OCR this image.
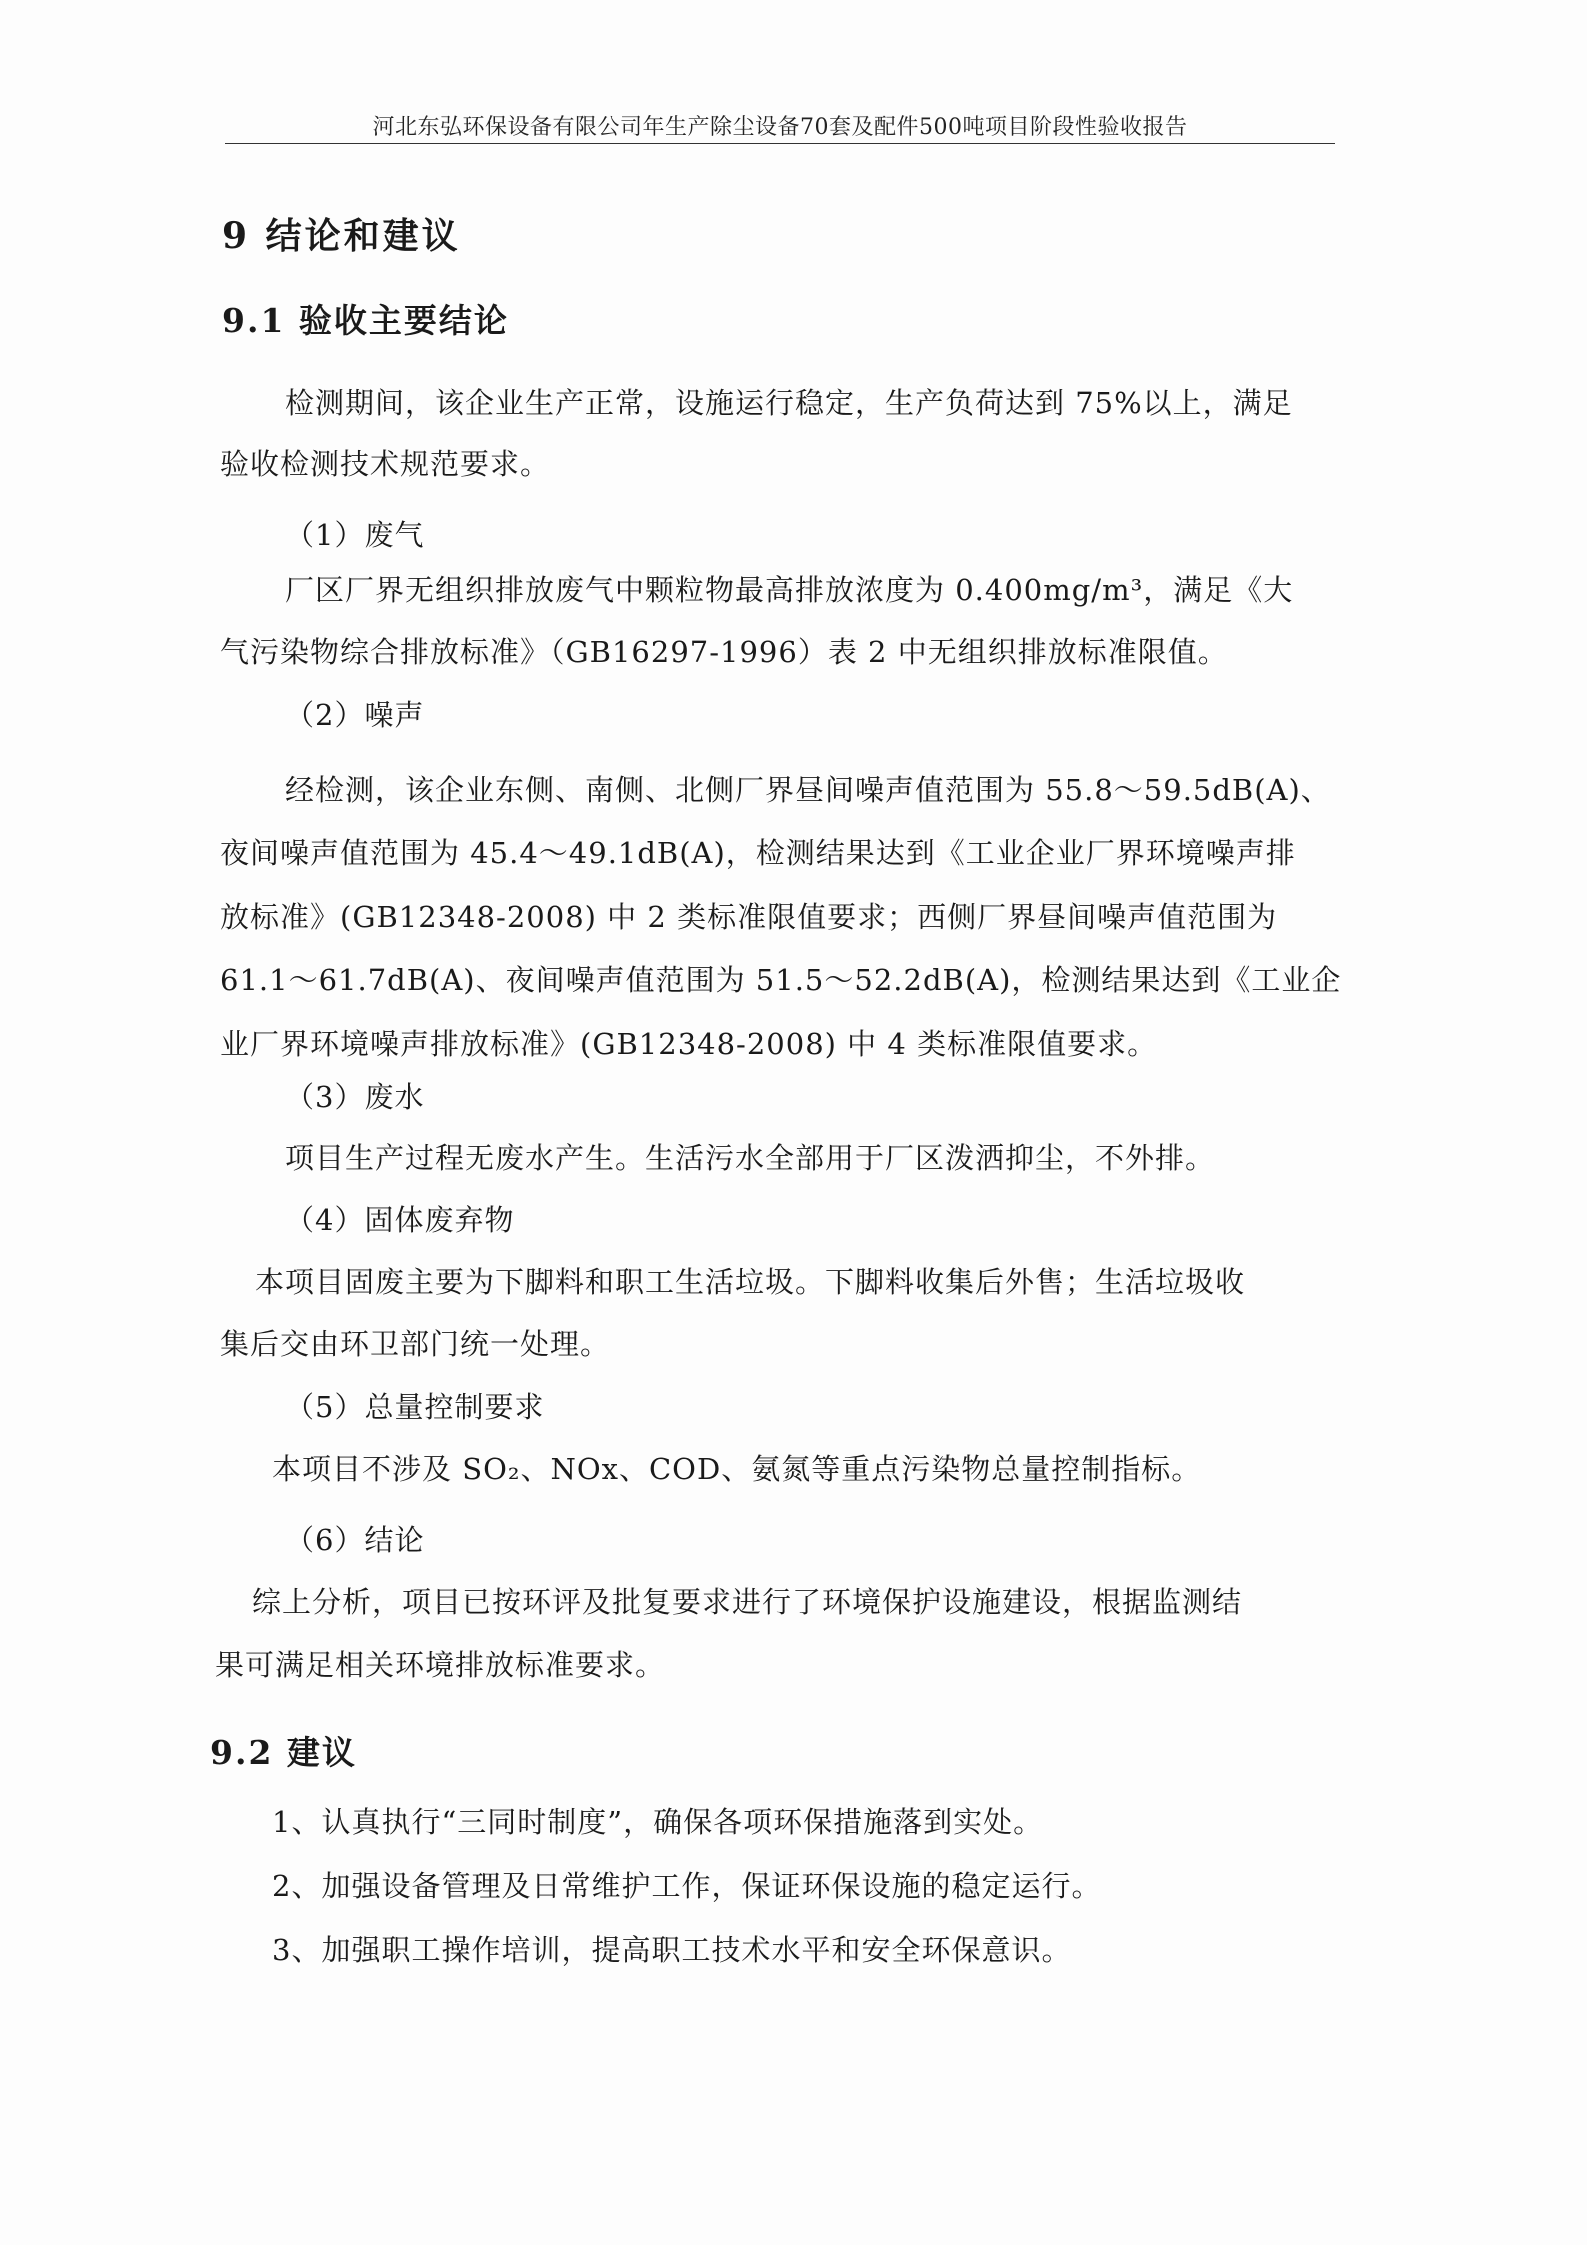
河北东弘环保设备有限公司年生产除尘设备70套及配件500吨项目阶段性验收报告
9 结论和建议
9.1 验收主要结论
检测期间，该企业生产正常，设施运行稳定，生产负荷达到 75%以上，满足
验收检测技术规范要求。
（1）废气
厂区厂界无组织排放废气中颗粒物最高排放浓度为 0.400mg/m³，满足《大
气污染物综合排放标准》（GB16297-1996）表 2 中无组织排放标准限值。
（2）噪声
经检测，该企业东侧、南侧、北侧厂界昼间噪声值范围为 55.8～59.5dB(A)、
夜间噪声值范围为 45.4～49.1dB(A)，检测结果达到《工业企业厂界环境噪声排
放标准》(GB12348-2008) 中 2 类标准限值要求；西侧厂界昼间噪声值范围为
61.1～61.7dB(A)、夜间噪声值范围为 51.5～52.2dB(A)，检测结果达到《工业企
业厂界环境噪声排放标准》(GB12348-2008) 中 4 类标准限值要求。
（3）废水
项目生产过程无废水产生。生活污水全部用于厂区泼洒抑尘，不外排。
（4）固体废弃物
本项目固废主要为下脚料和职工生活垃圾。下脚料收集后外售；生活垃圾收
集后交由环卫部门统一处理。
（5）总量控制要求
本项目不涉及 SO₂、NOx、COD、氨氮等重点污染物总量控制指标。
（6）结论
综上分析，项目已按环评及批复要求进行了环境保护设施建设，根据监测结
果可满足相关环境排放标准要求。
9.2 建议
1、认真执行“三同时制度”，确保各项环保措施落到实处。
2、加强设备管理及日常维护工作，保证环保设施的稳定运行。
3、加强职工操作培训，提高职工技术水平和安全环保意识。
